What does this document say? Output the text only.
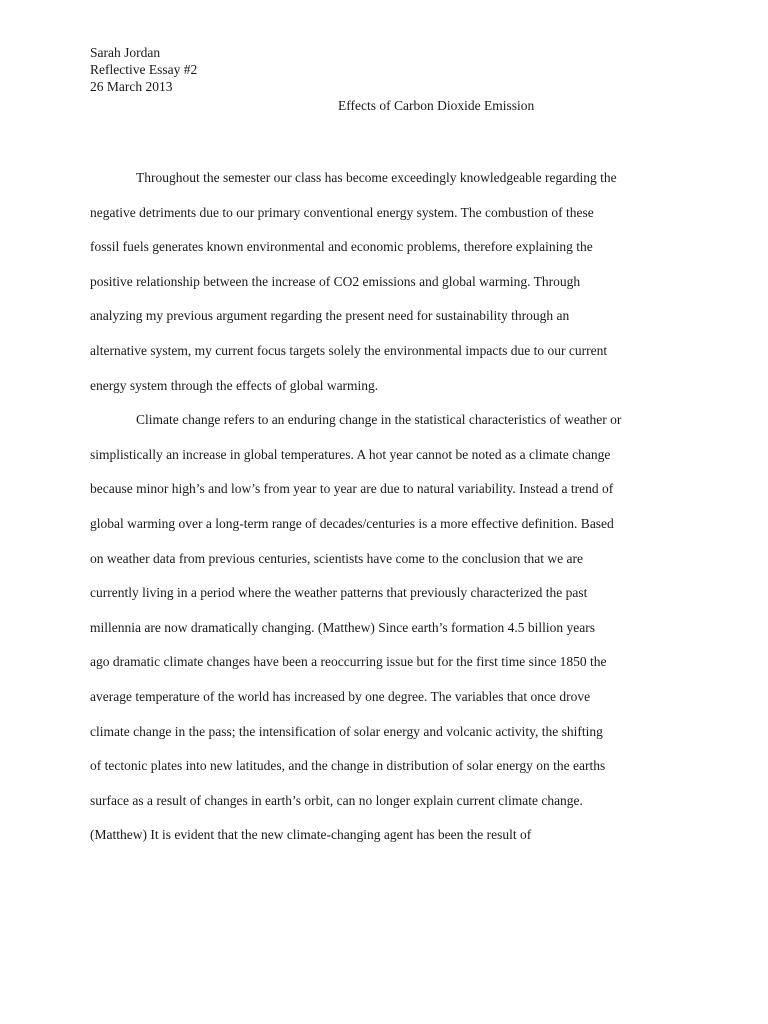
Sarah Jordan
Reflective Essay #2
26 March 2013
Effects of Carbon Dioxide Emission
Throughout the semester our class has become exceedingly knowledgeable regarding the
negative detriments due to our primary conventional energy system. The combustion of these
fossil fuels generates known environmental and economic problems, therefore explaining the
positive relationship between the increase of CO2 emissions and global warming. Through
analyzing my previous argument regarding the present need for sustainability through an
alternative system, my current focus targets solely the environmental impacts due to our current
energy system through the effects of global warming.
Climate change refers to an enduring change in the statistical characteristics of weather or
simplistically an increase in global temperatures. A hot year cannot be noted as a climate change
because minor high’s and low’s from year to year are due to natural variability. Instead a trend of
global warming over a long-term range of decades/centuries is a more effective definition. Based
on weather data from previous centuries, scientists have come to the conclusion that we are
currently living in a period where the weather patterns that previously characterized the past
millennia are now dramatically changing. (Matthew) Since earth’s formation 4.5 billion years
ago dramatic climate changes have been a reoccurring issue but for the first time since 1850 the
average temperature of the world has increased by one degree. The variables that once drove
climate change in the pass; the intensification of solar energy and volcanic activity, the shifting
of tectonic plates into new latitudes, and the change in distribution of solar energy on the earths
surface as a result of changes in earth’s orbit, can no longer explain current climate change.
(Matthew) It is evident that the new climate-changing agent has been the result of
